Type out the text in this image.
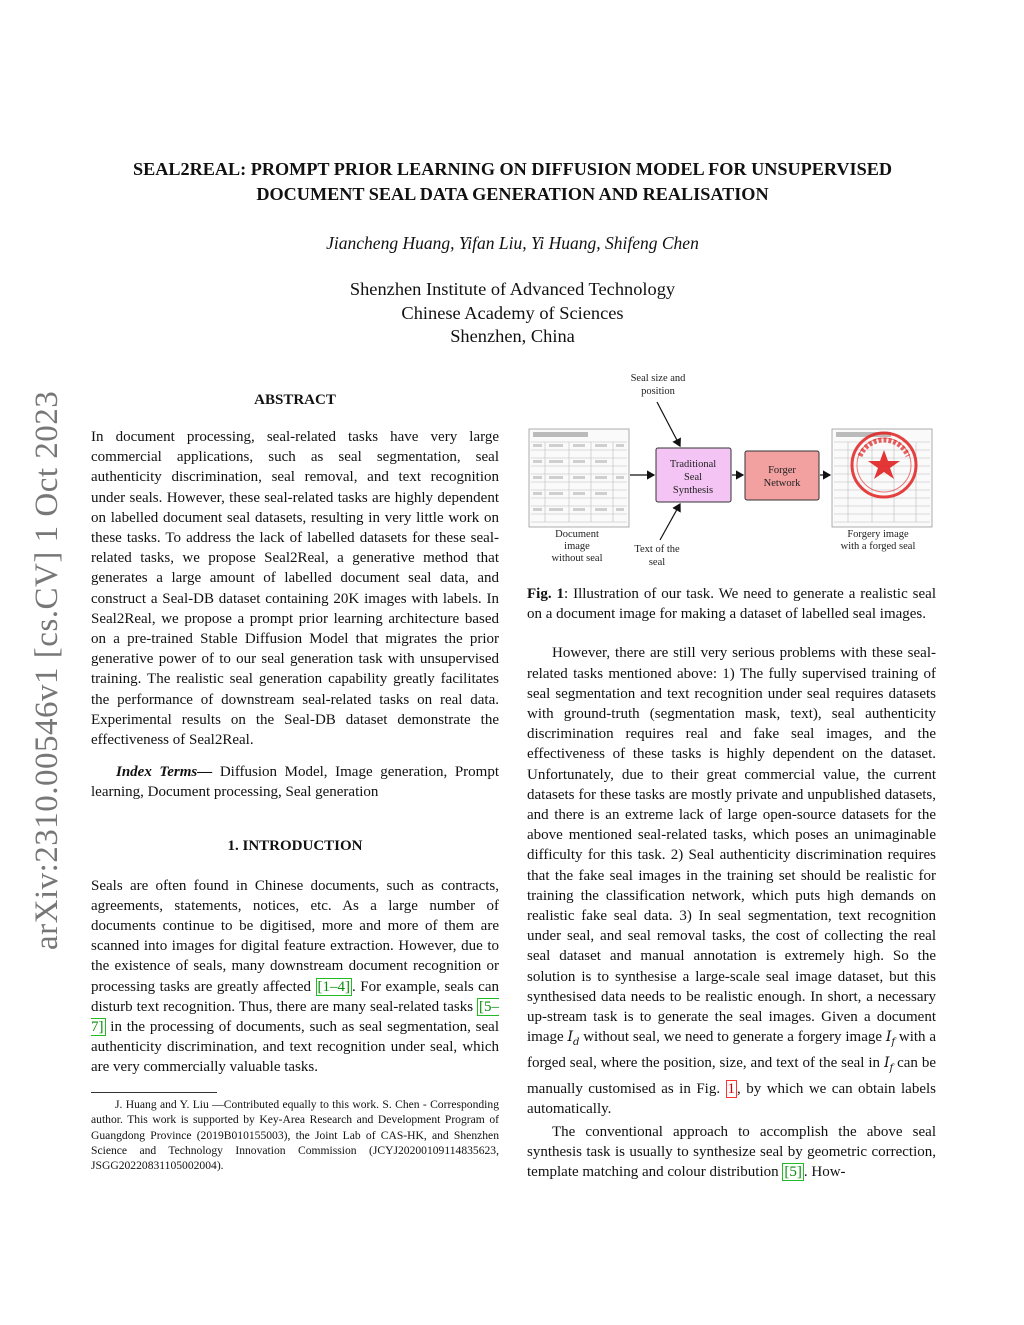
arXiv:2310.00546v1 [cs.CV] 1 Oct 2023
SEAL2REAL: PROMPT PRIOR LEARNING ON DIFFUSION MODEL FOR UNSUPERVISED
DOCUMENT SEAL DATA GENERATION AND REALISATION
Jiancheng Huang, Yifan Liu, Yi Huang, Shifeng Chen
Shenzhen Institute of Advanced Technology
Chinese Academy of Sciences
Shenzhen, China
ABSTRACT

In document processing, seal-related tasks have very large commercial applications, such as seal segmentation, seal authenticity discrimination, seal removal, and text recognition under seals. However, these seal-related tasks are highly dependent on labelled document seal datasets, resulting in very little work on these tasks. To address the lack of labelled datasets for these seal-related tasks, we propose Seal2Real, a generative method that generates a large amount of labelled document seal data, and construct a Seal-DB dataset containing 20K images with labels. In Seal2Real, we propose a prompt prior learning architecture based on a pre-trained Stable Diffusion Model that migrates the prior generative power of to our seal generation task with unsupervised training. The realistic seal generation capability greatly facilitates the performance of downstream seal-related tasks on real data. Experimental results on the Seal-DB dataset demonstrate the effectiveness of Seal2Real.

Index Terms— Diffusion Model, Image generation, Prompt learning, Document processing, Seal generation

1. INTRODUCTION

Seals are often found in Chinese documents, such as contracts, agreements, statements, notices, etc. As a large number of documents continue to be digitised, more and more of them are scanned into images for digital feature extraction. However, due to the existence of seals, many downstream document recognition or processing tasks are greatly affected [1–4] . For example, seals can disturb text recognition. Thus, there are many seal-related tasks [5–7] in the processing of documents, such as seal segmentation, seal authenticity discrimination, and text recognition under seal, which are very commercially valuable tasks.

J. Huang and Y. Liu —Contributed equally to this work. S. Chen - Corresponding author. This work is supported by Key-Area Research and Development Program of Guangdong Province (2019B010155003), the Joint Lab of CAS-HK, and Shenzhen Science and Technology Innovation Commission (JCYJ20200109114835623, JSGG20220831105002004).

Seal size and
position
Traditional
Seal
Synthesis
Forger
Network
Document
image
without seal
Text of the
seal
Forgery image
with a forged seal

Fig. 1: Illustration of our task. We need to generate a realistic seal on a document image for making a dataset of labelled seal images.

However, there are still very serious problems with these seal-related tasks mentioned above: 1) The fully supervised training of seal segmentation and text recognition under seal requires datasets with ground-truth (segmentation mask, text), seal authenticity discrimination requires real and fake seal images, and the effectiveness of these tasks is highly dependent on the dataset. Unfortunately, due to their great commercial value, the current datasets for these tasks are mostly private and unpublished datasets, and there is an extreme lack of large open-source datasets for the above mentioned seal-related tasks, which poses an unimaginable difficulty for this task. 2) Seal authenticity discrimination requires that the fake seal images in the training set should be realistic for training the classification network, which puts high demands on realistic fake seal data. 3) In seal segmentation, text recognition under seal, and seal removal tasks, the cost of collecting the real seal dataset and manual annotation is extremely high. So the solution is to synthesise a large-scale seal image dataset, but this synthesised data needs to be realistic enough. In short, a necessary up-stream task is to generate the seal images. Given a document image $I_d$ without seal, we need to generate a forgery image $I_f$ with a forged seal, where the position, size, and text of the seal in $I_f$ can be manually customised as in Fig. 1 , by which we can obtain labels automatically.

The conventional approach to accomplish the above seal synthesis task is usually to synthesize seal by geometric correction, template matching and colour distribution [5] . How-
